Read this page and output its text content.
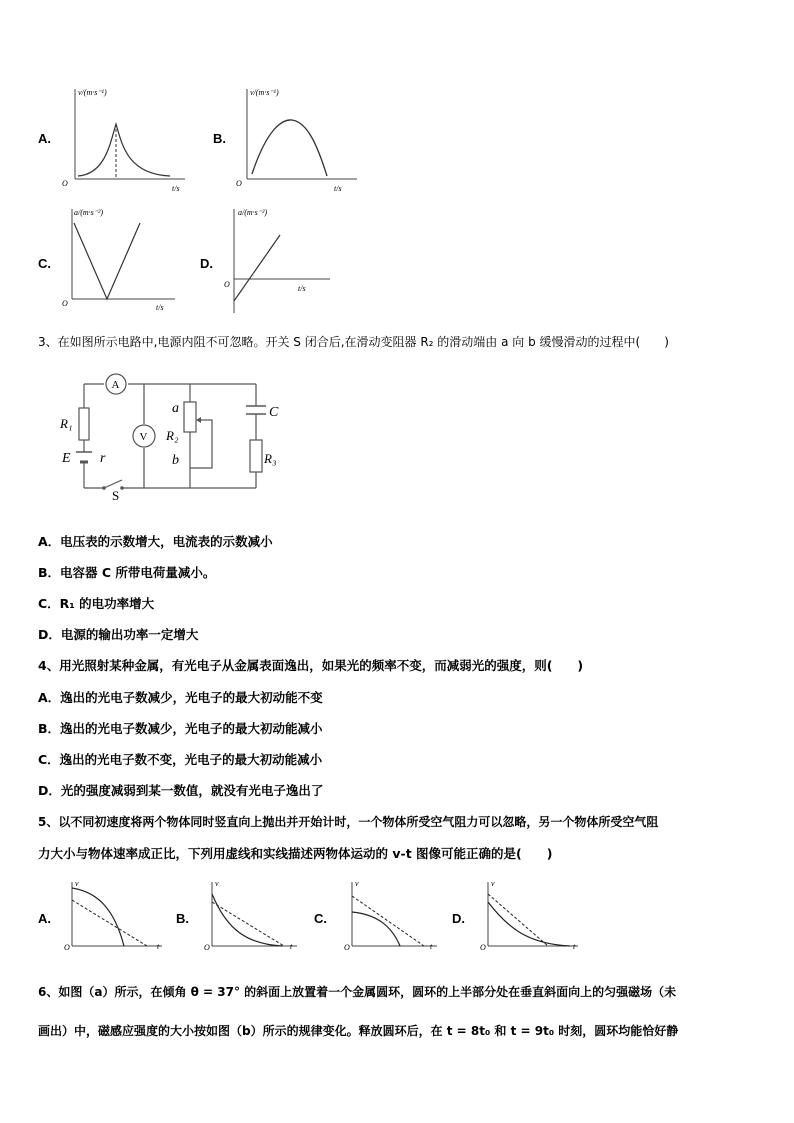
A.
v/(m·s⁻¹)
t/s
O
B.
v/(m·s⁻¹)
t/s
O
C.
a/(m·s⁻²)
t/s
O
D.
a/(m·s⁻²)
t/s
O
3、在如图所示电路中,电源内阻不可忽略。开关 S 闭合后,在滑动变阻器 R₂ 的滑动端由 a 向 b 缓慢滑动的过程中(　　)
A
V
R₁
E r
S
a
R₂
b
C
R₃
A．电压表的示数增大，电流表的示数减小
B．电容器 C 所带电荷量减小。
C．R₁ 的电功率增大
D．电源的输出功率一定增大
4、用光照射某种金属，有光电子从金属表面逸出，如果光的频率不变，而减弱光的强度，则(　　)
A．逸出的光电子数减少，光电子的最大初动能不变
B．逸出的光电子数减少，光电子的最大初动能减小
C．逸出的光电子数不变，光电子的最大初动能减小
D．光的强度减弱到某一数值，就没有光电子逸出了
5、以不同初速度将两个物体同时竖直向上抛出并开始计时，一个物体所受空气阻力可以忽略，另一个物体所受空气阻
力大小与物体速率成正比，下列用虚线和实线描述两物体运动的 v-t 图像可能正确的是(　　)
A.
v
O	t
B.
v
O	t
C.
v
O	t
D.
v
O	t
6、如图（a）所示，在倾角 θ = 37° 的斜面上放置着一个金属圆环，圆环的上半部分处在垂直斜面向上的匀强磁场（未
画出）中，磁感应强度的大小按如图（b）所示的规律变化。释放圆环后，在 t = 8t₀ 和 t = 9t₀ 时刻，圆环均能恰好静
